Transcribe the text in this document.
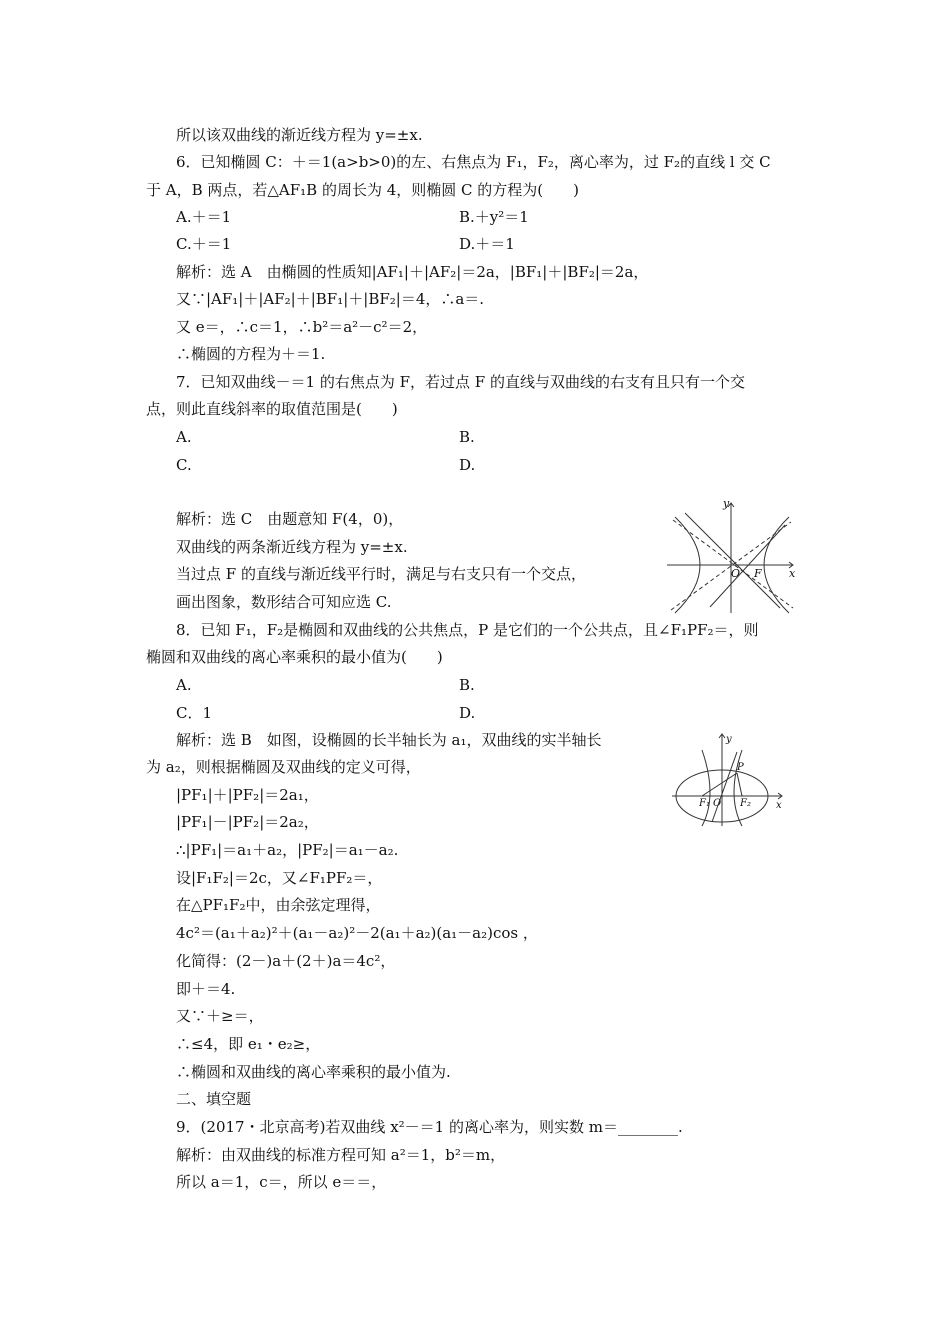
所以该双曲线的渐近线方程为 y=±x.
6．已知椭圆 C：＋＝1(a>b>0)的左、右焦点为 F₁，F₂，离心率为，过 F₂的直线 l 交 C
于 A，B 两点，若△AF₁B 的周长为 4，则椭圆 C 的方程为(　　)
A.＋＝1	B.＋y²＝1
C.＋＝1	D.＋＝1
解析：选 A　由椭圆的性质知|AF₁|＋|AF₂|＝2a，|BF₁|＋|BF₂|＝2a，
又∵|AF₁|＋|AF₂|＋|BF₁|＋|BF₂|＝4，∴a＝.
又 e＝，∴c＝1，∴b²＝a²－c²＝2，
∴椭圆的方程为＋＝1.
7．已知双曲线－＝1 的右焦点为 F，若过点 F 的直线与双曲线的右支有且只有一个交
点，则此直线斜率的取值范围是(　　)
A.	B.
C.	D.
解析：选 C　由题意知 F(4，0)，
双曲线的两条渐近线方程为 y=±x.
当过点 F 的直线与渐近线平行时，满足与右支只有一个交点，
画出图象，数形结合可知应选 C.
8．已知 F₁，F₂是椭圆和双曲线的公共焦点，P 是它们的一个公共点，且∠F₁PF₂＝，则
椭圆和双曲线的离心率乘积的最小值为(　　)
A.	B.
C．1	D.
解析：选 B　如图，设椭圆的长半轴长为 a₁，双曲线的实半轴长
为 a₂，则根据椭圆及双曲线的定义可得，
|PF₁|＋|PF₂|＝2a₁，
|PF₁|－|PF₂|＝2a₂，
∴|PF₁|＝a₁＋a₂，|PF₂|＝a₁－a₂.
设|F₁F₂|＝2c，又∠F₁PF₂＝，
在△PF₁F₂中，由余弦定理得，
4c²＝(a₁＋a₂)²＋(a₁－a₂)²－2(a₁＋a₂)(a₁－a₂)cos ，
化简得：(2－)a＋(2＋)a＝4c²，
即＋＝4.
又∵＋≥＝，
∴≤4，即 e₁・e₂≥，
∴椭圆和双曲线的离心率乘积的最小值为.
二、填空题
9．(2017・北京高考)若双曲线 x²－＝1 的离心率为，则实数 m＝________.
解析：由双曲线的标准方程可知 a²＝1，b²＝m，
所以 a＝1，c＝，所以 e＝＝，
y
x
O F
y
x
O
P
F₁	F₂
